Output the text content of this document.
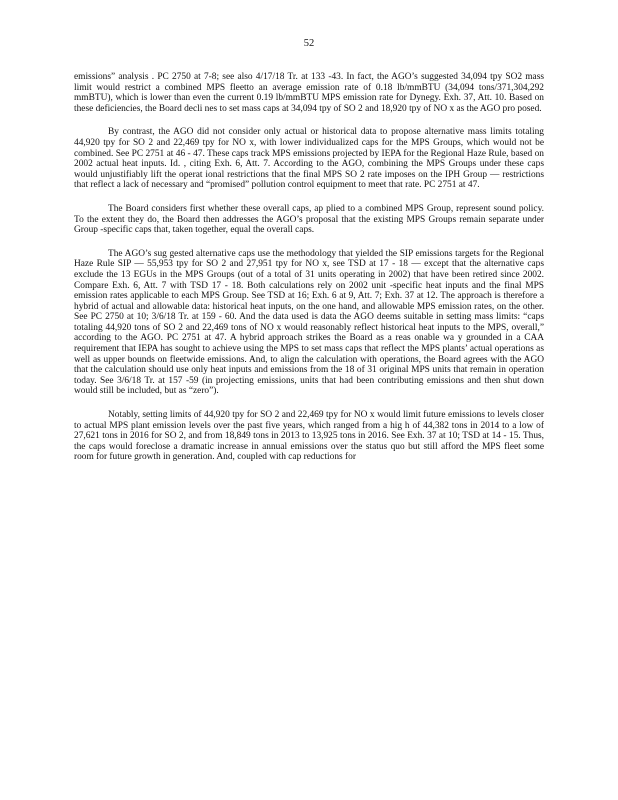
52

emissions” analysis . PC 2750 at 7-8; see also 4/17/18 Tr. at 133 -43. In fact, the AGO’s suggested 34,094 tpy SO2 mass limit would restrict a combined MPS fleetto an average emission rate of 0.18 lb/mmBTU (34,094 tons/371,304,292 mmBTU), which is lower than even the current 0.19 lb/mmBTU MPS emission rate for Dynegy. Exh. 37, Att. 10. Based on these deficiencies, the Board decli nes to set mass caps at 34,094 tpy of SO 2 and 18,920 tpy of NO x as the AGO pro posed.

By contrast, the AGO did not consider only actual or historical data to propose alternative mass limits totaling 44,920 tpy for SO 2 and 22,469 tpy for NO x, with lower individualized caps for the MPS Groups, which would not be combined. See PC 2751 at 46 - 47. These caps track MPS emissions projected by IEPA for the Regional Haze Rule, based on 2002 actual heat inputs. Id. , citing Exh. 6, Att. 7. According to the AGO, combining the MPS Groups under these caps would unjustifiably lift the operat ional restrictions that the final MPS SO 2 rate imposes on the IPH Group — restrictions that reflect a lack of necessary and “promised” pollution control equipment to meet that rate. PC 2751 at 47.

The Board considers first whether these overall caps, ap plied to a combined MPS Group, represent sound policy. To the extent they do, the Board then addresses the AGO’s proposal that the existing MPS Groups remain separate under Group -specific caps that, taken together, equal the overall caps.

The AGO’s sug gested alternative caps use the methodology that yielded the SIP emissions targets for the Regional Haze Rule SIP — 55,953 tpy for SO 2 and 27,951 tpy for NO x, see TSD at 17 - 18 — except that the alternative caps exclude the 13 EGUs in the MPS Groups (out of a total of 31 units operating in 2002) that have been retired since 2002. Compare Exh. 6, Att. 7 with TSD 17 - 18. Both calculations rely on 2002 unit -specific heat inputs and the final MPS emission rates applicable to each MPS Group. See TSD at 16; Exh. 6 at 9, Att. 7; Exh. 37 at 12. The approach is therefore a hybrid of actual and allowable data: historical heat inputs, on the one hand, and allowable MPS emission rates, on the other. See PC 2750 at 10; 3/6/18 Tr. at 159 - 60. And the data used is data the AGO deems suitable in setting mass limits: “caps totaling 44,920 tons of SO 2 and 22,469 tons of NO x would reasonably reflect historical heat inputs to the MPS, overall,” according to the AGO. PC 2751 at 47. A hybrid approach strikes the Board as a reas onable wa y grounded in a CAA requirement that IEPA has sought to achieve using the MPS to set mass caps that reflect the MPS plants’ actual operations as well as upper bounds on fleetwide emissions. And, to align the calculation with operations, the Board agrees with the AGO that the calculation should use only heat inputs and emissions from the 18 of 31 original MPS units that remain in operation today. See 3/6/18 Tr. at 157 -59 (in projecting emissions, units that had been contributing emissions and then shut down would still be included, but as “zero”).

Notably, setting limits of 44,920 tpy for SO 2 and 22,469 tpy for NO x would limit future emissions to levels closer to actual MPS plant emission levels over the past five years, which ranged from a hig h of 44,382 tons in 2014 to a low of 27,621 tons in 2016 for SO 2, and from 18,849 tons in 2013 to 13,925 tons in 2016. See Exh. 37 at 10; TSD at 14 - 15. Thus, the caps would foreclose a dramatic increase in annual emissions over the status quo but still afford the MPS fleet some room for future growth in generation. And, coupled with cap reductions for
